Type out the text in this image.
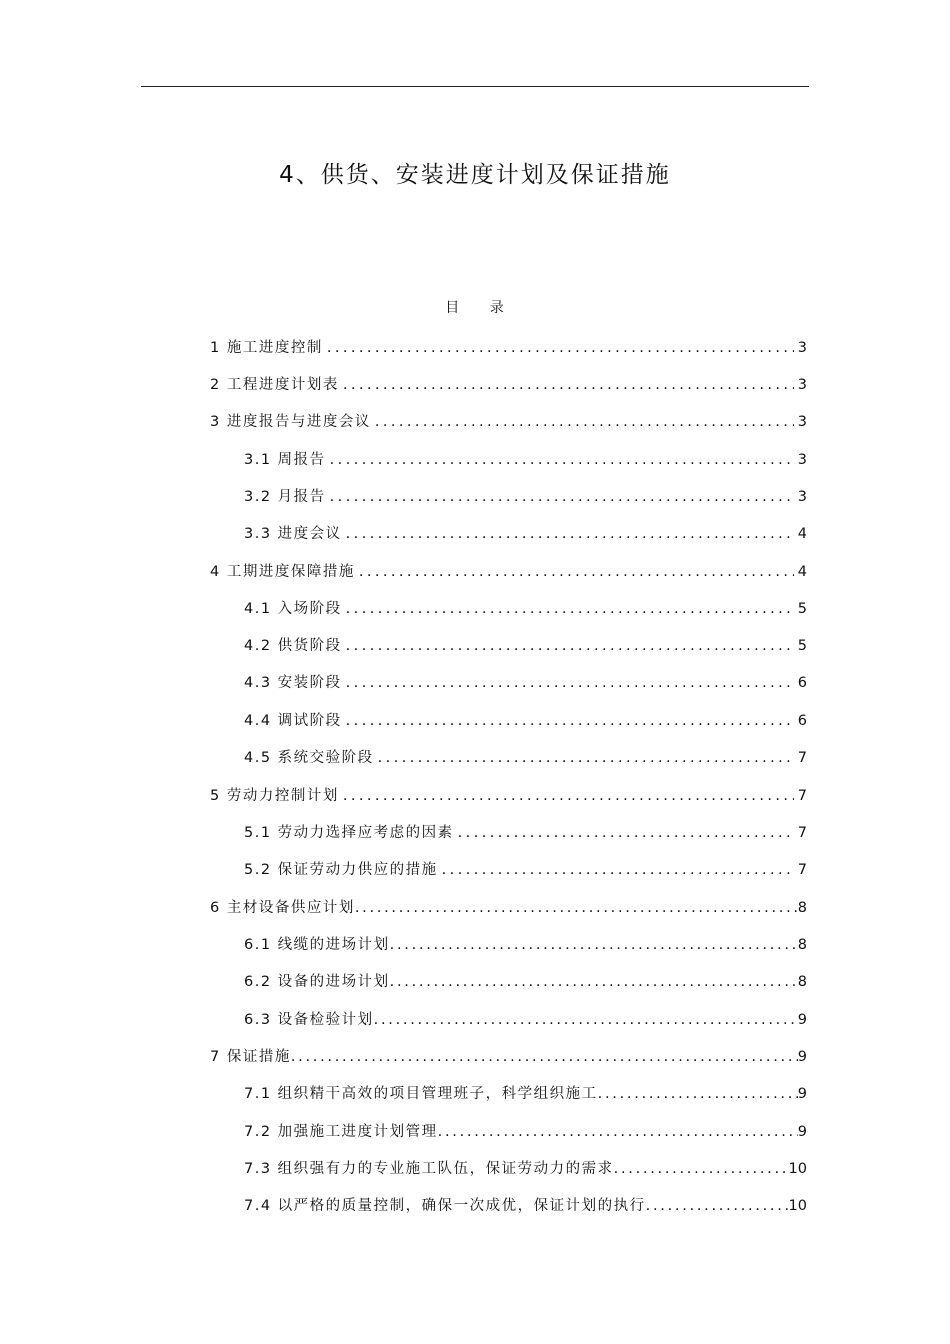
4、供货、安装进度计划及保证措施
目 录
1 施工进度控制 .....	3
2 工程进度计划表 .....	3
3 进度报告与进度会议 .....	3
3.1 周报告 .....	3
3.2 月报告 .....	3
3.3 进度会议 .....	4
4 工期进度保障措施 .....	4
4.1 入场阶段 .....	5
4.2 供货阶段 .....	5
4.3 安装阶段 .....	6
4.4 调试阶段 .....	6
4.5 系统交验阶段 .....	7
5 劳动力控制计划 .....	7
5.1 劳动力选择应考虑的因素 .....	7
5.2 保证劳动力供应的措施 .....	7
6 主材设备供应计划 .....	8
6.1 线缆的进场计划 .....	8
6.2 设备的进场计划 .....	8
6.3 设备检验计划 .....	9
7 保证措施 .....	9
7.1 组织精干高效的项目管理班子，科学组织施工 .....	9
7.2 加强施工进度计划管理 .....	9
7.3 组织强有力的专业施工队伍，保证劳动力的需求 .....	10
7.4 以严格的质量控制，确保一次成优，保证计划的执行 .....	10
